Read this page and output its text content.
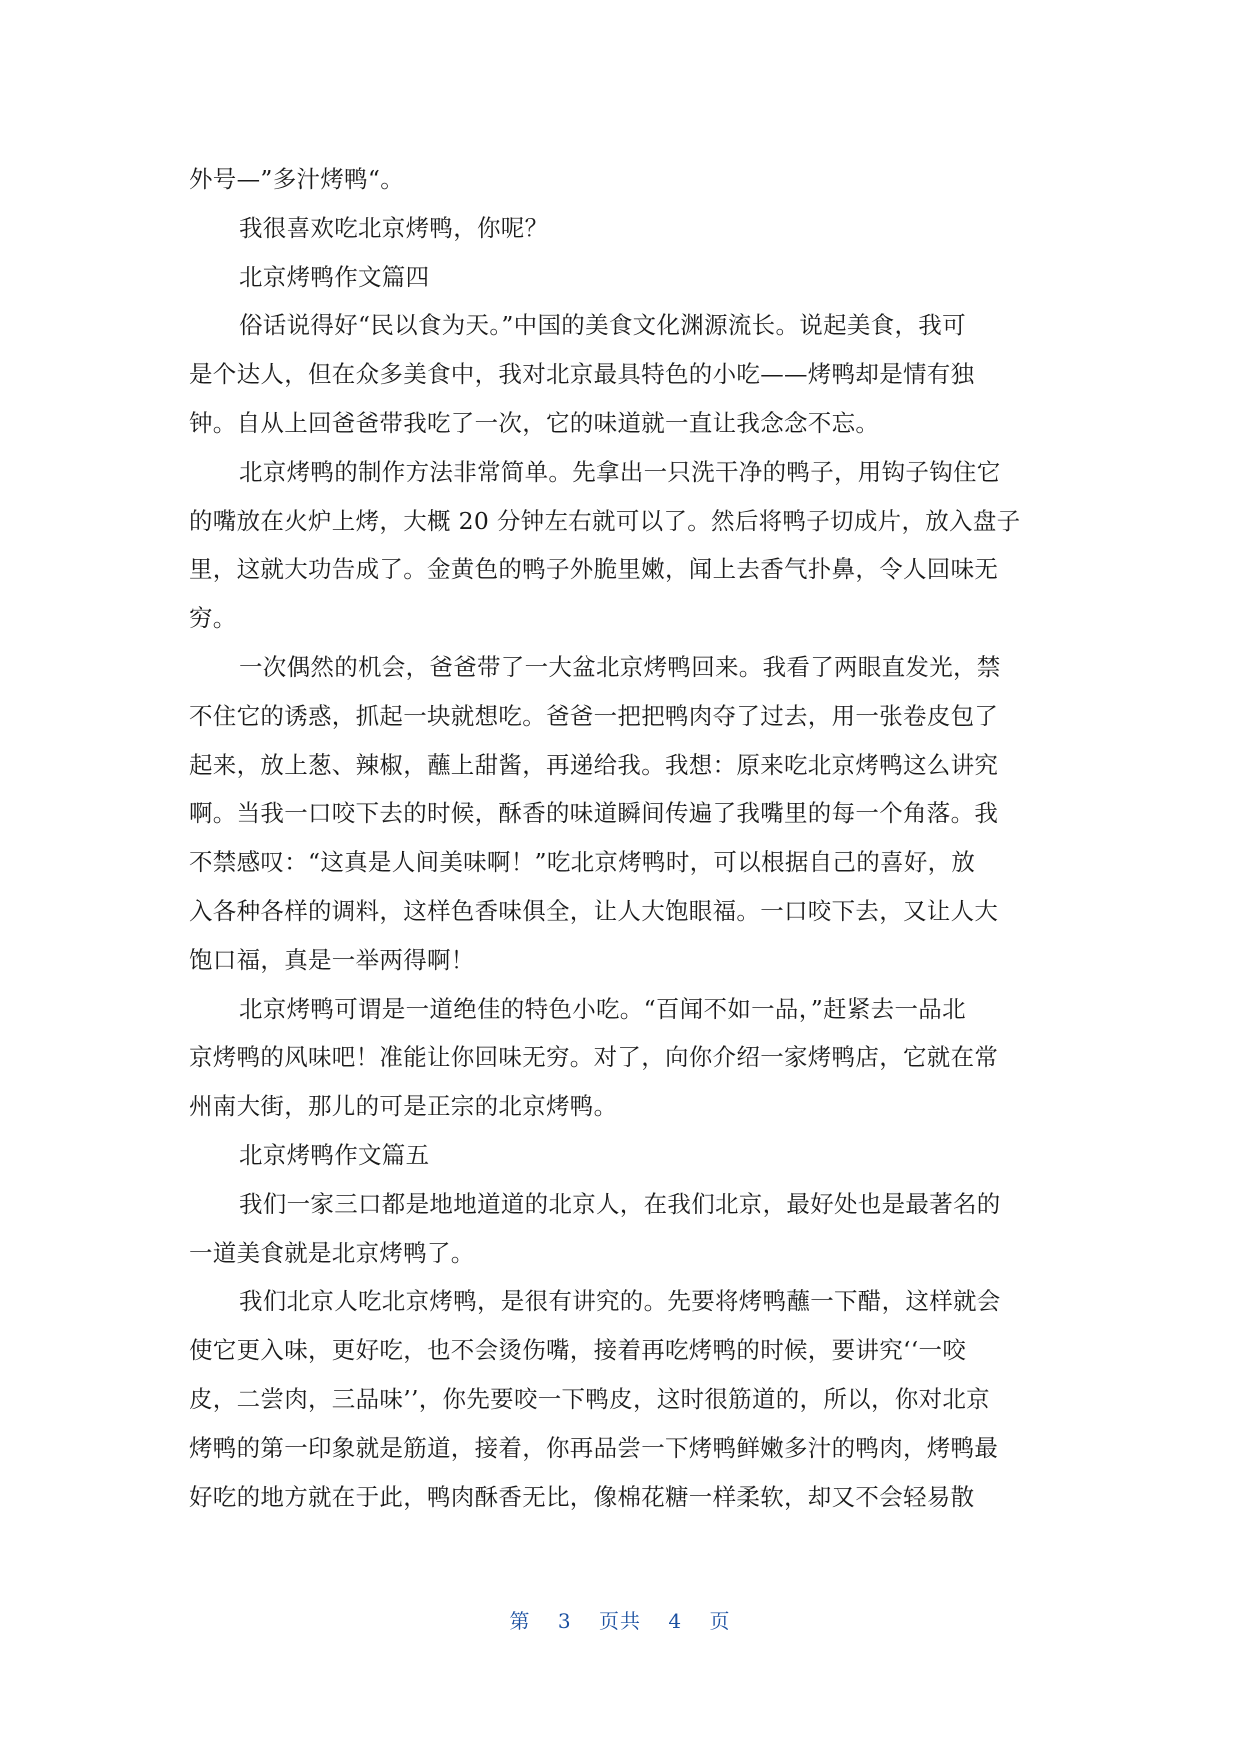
外号—”多汁烤鸭“。
我很喜欢吃北京烤鸭，你呢？
北京烤鸭作文篇四
俗话说得好“民以食为天。”中国的美食文化渊源流长。说起美食，我可
是个达人，但在众多美食中，我对北京最具特色的小吃——烤鸭却是情有独
钟。自从上回爸爸带我吃了一次，它的味道就一直让我念念不忘。
北京烤鸭的制作方法非常简单。先拿出一只洗干净的鸭子，用钩子钩住它
的嘴放在火炉上烤，大概 20 分钟左右就可以了。然后将鸭子切成片，放入盘子
里，这就大功告成了。金黄色的鸭子外脆里嫩，闻上去香气扑鼻，令人回味无
穷。
一次偶然的机会，爸爸带了一大盆北京烤鸭回来。我看了两眼直发光，禁
不住它的诱惑，抓起一块就想吃。爸爸一把把鸭肉夺了过去，用一张卷皮包了
起来，放上葱、辣椒，蘸上甜酱，再递给我。我想：原来吃北京烤鸭这么讲究
啊。当我一口咬下去的时候，酥香的味道瞬间传遍了我嘴里的每一个角落。我
不禁感叹：“这真是人间美味啊！”吃北京烤鸭时，可以根据自己的喜好，放
入各种各样的调料，这样色香味俱全，让人大饱眼福。一口咬下去，又让人大
饱口福，真是一举两得啊！
北京烤鸭可谓是一道绝佳的特色小吃。“百闻不如一品，”赶紧去一品北
京烤鸭的风味吧！准能让你回味无穷。对了，向你介绍一家烤鸭店，它就在常
州南大街，那儿的可是正宗的北京烤鸭。
北京烤鸭作文篇五
我们一家三口都是地地道道的北京人，在我们北京，最好处也是最著名的
一道美食就是北京烤鸭了。
我们北京人吃北京烤鸭，是很有讲究的。先要将烤鸭蘸一下醋，这样就会
使它更入味，更好吃，也不会烫伤嘴，接着再吃烤鸭的时候，要讲究‘‘一咬
皮，二尝肉，三品味’’，你先要咬一下鸭皮，这时很筋道的，所以，你对北京
烤鸭的第一印象就是筋道，接着，你再品尝一下烤鸭鲜嫩多汁的鸭肉，烤鸭最
好吃的地方就在于此，鸭肉酥香无比，像棉花糖一样柔软，却又不会轻易散
第 3 页共 4 页
